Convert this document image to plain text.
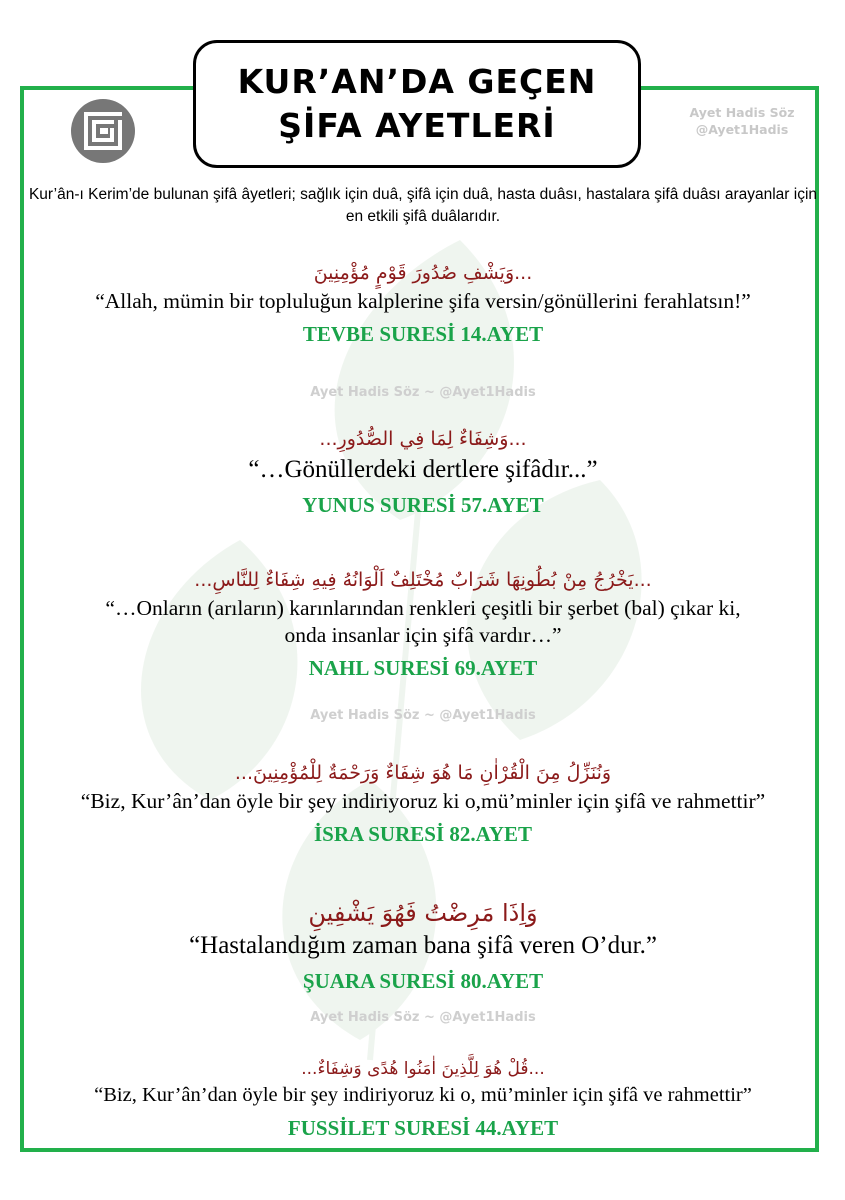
KUR’AN’DA GEÇEN
ŞİFA AYETLERİ	Ayet Hadis Söz
@Ayet1Hadis
Kur’ân-ı Kerim’de bulunan şifâ âyetleri; sağlık için duâ, şifâ için duâ, hasta duâsı, hastalara şifâ duâsı arayanlar için en etkili şifâ duâlarıdır.
...وَيَشْفِ صُدُورَ قَوْمٍ مُؤْمِنِينَ
“Allah, mümin bir topluluğun kalplerine şifa versin/gönüllerini ferahlatsın!”
TEVBE SURESİ 14.AYET
Ayet Hadis Söz ~ @Ayet1Hadis
...وَشِفَاءٌ لِمَا فِي الصُّدُورِ...
“…Gönüllerdeki dertlere şifâdır...”
YUNUS SURESİ 57.AYET
...يَخْرُجُ مِنْ بُطُونِهَا شَرَابٌ مُخْتَلِفٌ اَلْوَانُهُ فِيهِ شِفَاءٌ لِلنَّاسِ...
“…Onların (arıların) karınlarından renkleri çeşitli bir şerbet (bal) çıkar ki,
onda insanlar için şifâ vardır…”
NAHL SURESİ 69.AYET
Ayet Hadis Söz ~ @Ayet1Hadis
وَنُنَزِّلُ مِنَ الْقُرْاٰنِ مَا هُوَ شِفَاءٌ وَرَحْمَةٌ لِلْمُؤْمِنِينَ...
“Biz, Kur’ân’dan öyle bir şey indiriyoruz ki o,mü’minler için şifâ ve rahmettir”
İSRA SURESİ 82.AYET
وَاِذَا مَرِضْتُ فَهُوَ يَشْفِينِ
“Hastalandığım zaman bana şifâ veren O’dur.”
ŞUARA SURESİ 80.AYET
Ayet Hadis Söz ~ @Ayet1Hadis
...قُلْ هُوَ لِلَّذِينَ اٰمَنُوا هُدًى وَشِفَاءٌ...
“Biz, Kur’ân’dan öyle bir şey indiriyoruz ki o, mü’minler için şifâ ve rahmettir”
FUSSİLET SURESİ 44.AYET
